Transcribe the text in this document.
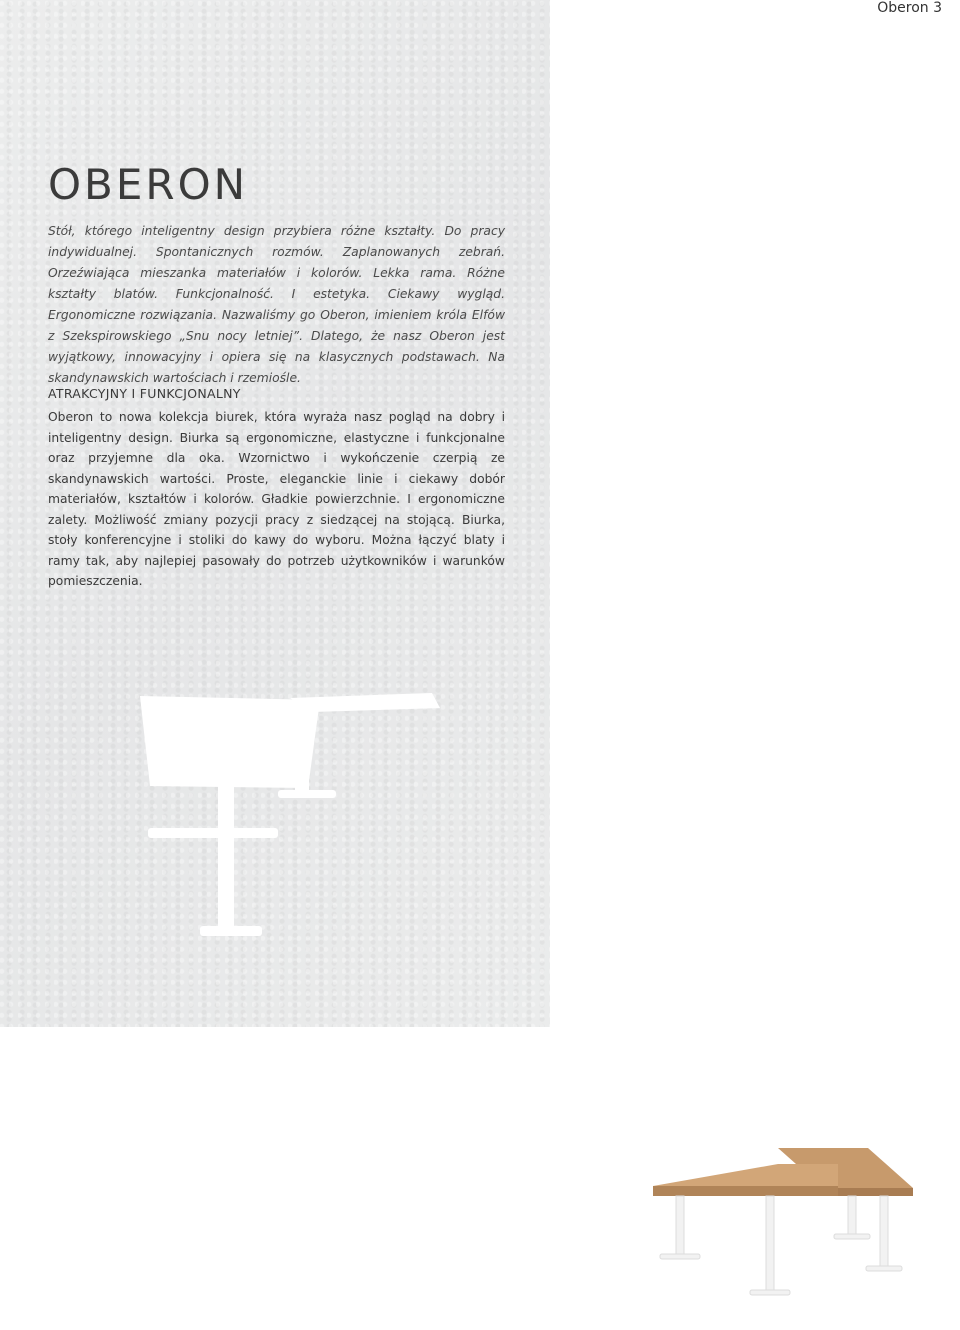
Oberon 3
OBERON

Stół, którego inteligentny design przybiera różne kształty. Do pracy indywidualnej. Spontanicznych rozmów. Zaplanowanych zebrań. Orzeźwiająca mieszanka materiałów i kolorów. Lekka rama. Różne kształty blatów. Funkcjonalność. I estetyka. Ciekawy wygląd. Ergonomiczne rozwiązania. Nazwaliśmy go Oberon, imieniem króla Elfów z Szekspirowskiego „Snu nocy letniej”. Dlatego, że nasz Oberon jest wyjątkowy, innowacyjny i opiera się na klasycznych podstawach. Na skandynawskich wartościach i rzemiośle.

ATRAKCYJNY I FUNKCJONALNY

Oberon to nowa kolekcja biurek, która wyraża nasz pogląd na dobry i inteligentny design. Biurka są ergonomiczne, elastyczne i funkcjonalne oraz przyjemne dla oka. Wzornictwo i wykończenie czerpią ze skandynawskich wartości. Proste, eleganckie linie i ciekawy dobór materiałów, kształtów i kolorów. Gładkie powierzchnie. I ergonomiczne zalety. Możliwość zmiany pozycji pracy z siedzącej na stojącą. Biurka, stoły konferencyjne i stoliki do kawy do wyboru. Można łączyć blaty i ramy tak, aby najlepiej pasowały do potrzeb użytkowników i warunków pomieszczenia.
